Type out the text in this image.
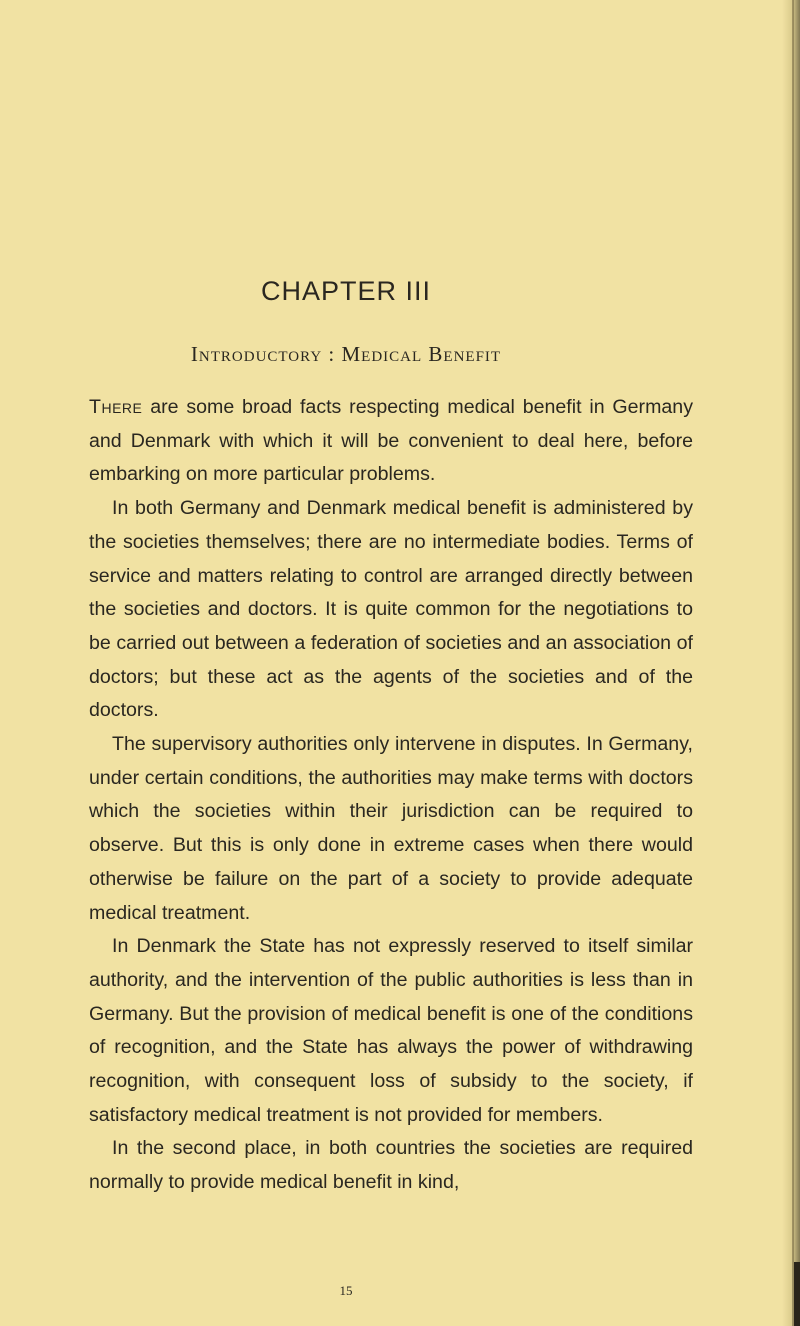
CHAPTER III
Introductory : Medical Benefit

There are some broad facts respecting medical benefit in Germany and Denmark with which it will be convenient to deal here, before embarking on more particular problems.

In both Germany and Denmark medical benefit is administered by the societies themselves; there are no intermediate bodies. Terms of service and matters relating to control are arranged directly between the societies and doctors. It is quite common for the negotiations to be carried out between a federation of societies and an association of doctors; but these act as the agents of the societies and of the doctors.

The supervisory authorities only intervene in disputes. In Germany, under certain conditions, the authorities may make terms with doctors which the societies within their jurisdiction can be required to observe. But this is only done in extreme cases when there would otherwise be failure on the part of a society to provide adequate medical treatment.

In Denmark the State has not expressly reserved to itself similar authority, and the intervention of the public authorities is less than in Germany. But the provision of medical benefit is one of the conditions of recognition, and the State has always the power of withdrawing recognition, with consequent loss of subsidy to the society, if satisfactory medical treatment is not provided for members.

In the second place, in both countries the societies are required normally to provide medical benefit in kind,

15
